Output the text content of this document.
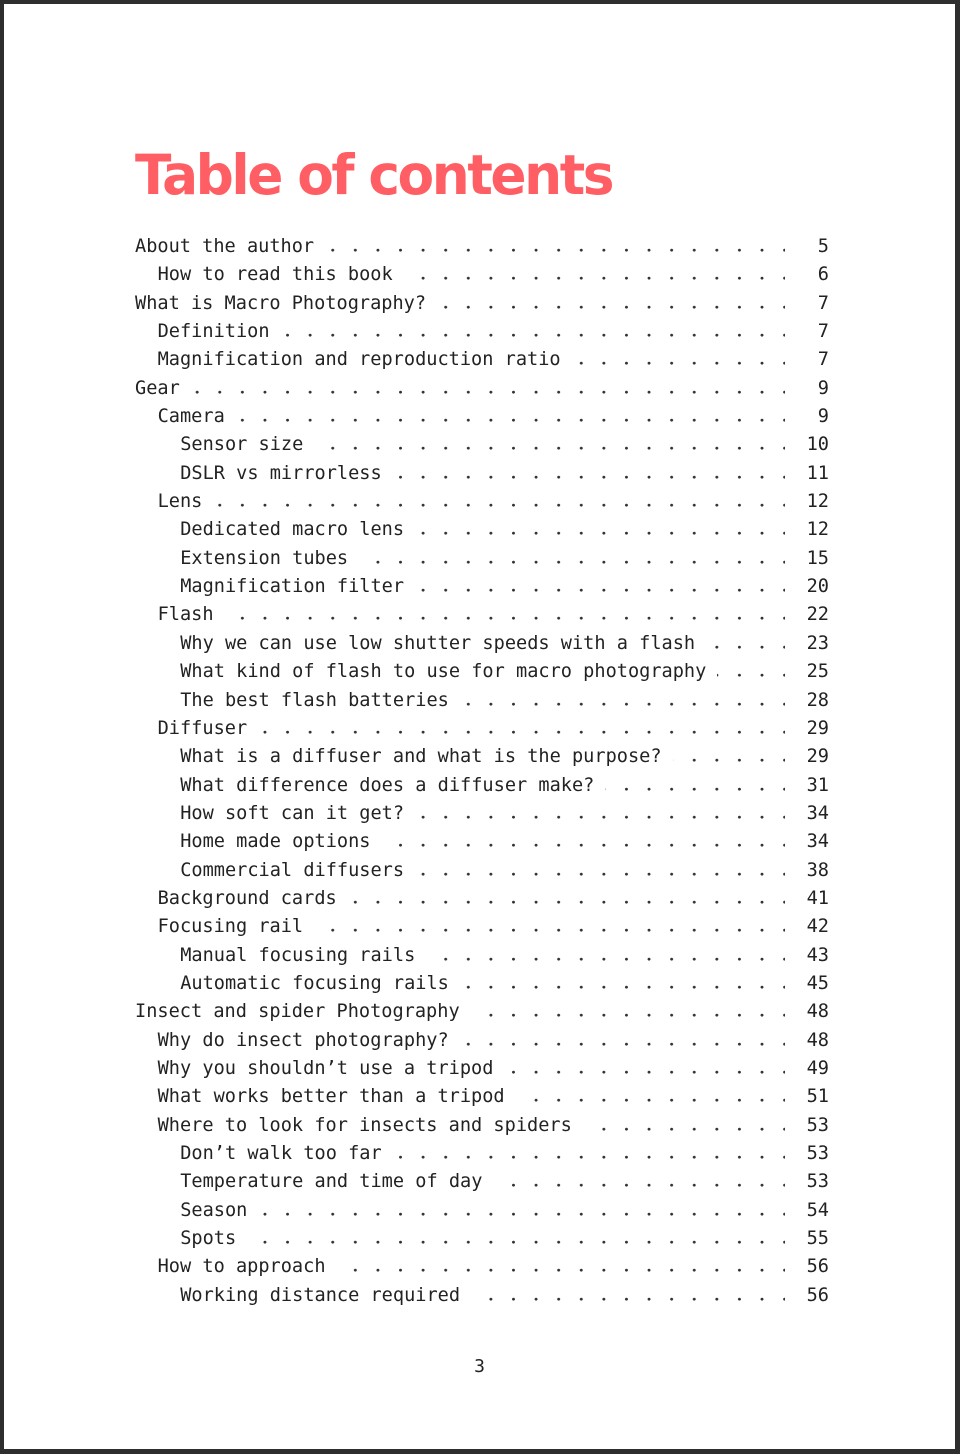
Table of contents
About the author	5
How to read this book	6
What is Macro Photography?	7
Definition	7
Magnification and reproduction ratio	7
Gear	9
Camera	9
Sensor size	10
DSLR vs mirrorless	11
Lens	12
Dedicated macro lens	12
Extension tubes	15
Magnification filter	20
Flash	22
Why we can use low shutter speeds with a flash	23
What kind of flash to use for macro photography	25
The best flash batteries	28
Diffuser	29
What is a diffuser and what is the purpose?	29
What difference does a diffuser make?	31
How soft can it get?	34
Home made options	34
Commercial diffusers	38
Background cards	41
Focusing rail	42
Manual focusing rails	43
Automatic focusing rails	45
Insect and spider Photography	48
Why do insect photography?	48
Why you shouldn’t use a tripod	49
What works better than a tripod	51
Where to look for insects and spiders	53
Don’t walk too far	53
Temperature and time of day	53
Season	54
Spots	55
How to approach	56
Working distance required	56
3
